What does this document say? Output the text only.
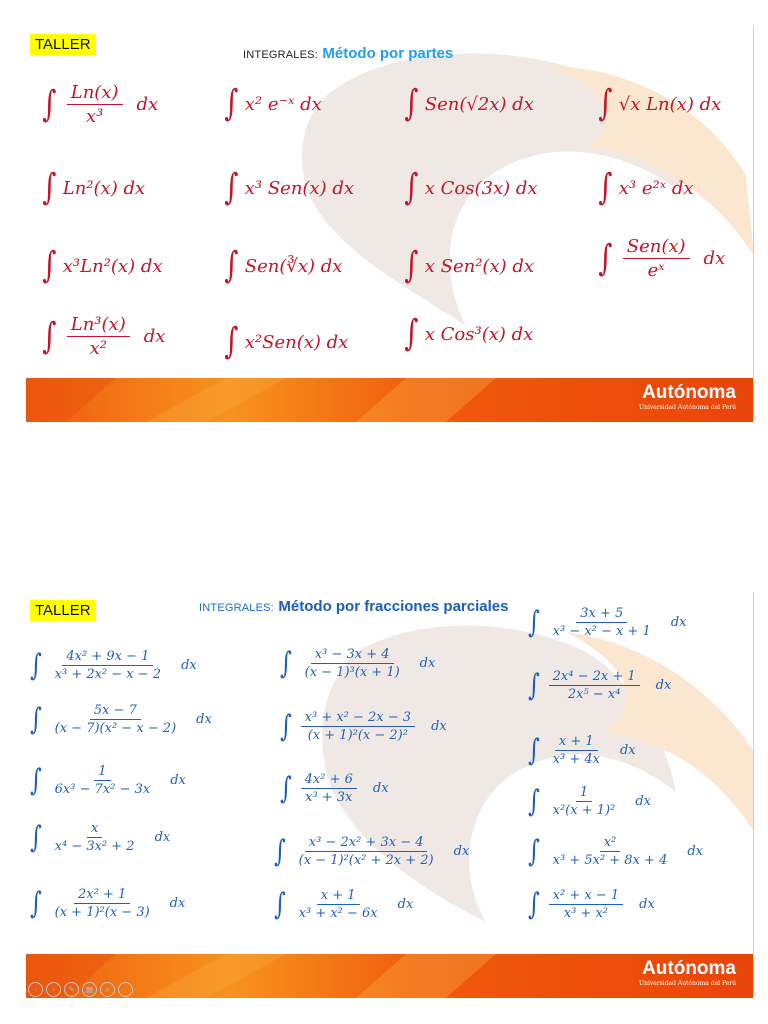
TALLER
INTEGRALES: Método por partes
∫ $\frac{Ln(x)}{\text{x³}}$ dx ∫ x² e⁻ˣ dx ∫ Sen(√2x) dx ∫ √x Ln(x) dx
∫ Ln²(x) dx ∫ x³ Sen(x) dx ∫ x Cos(3x) dx ∫ x³ e²ˣ dx
∫ x³Ln²(x) dx ∫ Sen(∛x) dx ∫ x Sen²(x) dx ∫ $\frac{\text{Sen(x)}}{\text{eˣ}}$ dx
∫ $\frac{\text{Ln³(x)}}{\text{x²}}$ dx ∫ x²Sen(x) dx ∫ x Cos³(x) dx
Autónoma
Universidad Autónoma del Perú
TALLER	INTEGRALES: Método por fracciones parciales
∫ $\frac{\text{4x² + 9x − 1}}{\text{x³ + 2x² − x − 2}}$ dx
∫ $\frac{5x - 7}{\text{(x − 7)(x² − x − 2)}}$ dx
∫ $\frac{1}{\text{6x³ − 7x² − 3x}}$ dx
∫ $\frac{x}{\text{x⁴ − 3x² + 2}}$ dx
∫ $\frac{\text{2x² + 1}}{\text{(x + 1)²(x − 3)}}$ dx
∫ $\frac{\text{x³ − 3x + 4}}{\text{(x − 1)³(x + 1)}}$ dx
∫ $\frac{\text{x³ + x² − 2x − 3}}{\text{(x + 1)²(x − 2)²}}$ dx
∫ $\frac{\text{4x² + 6}}{\text{x³ + 3x}}$ dx
∫ $\frac{\text{x³ − 2x² + 3x − 4}}{\text{(x − 1)²(x² + 2x + 2)}}$ dx
∫ $\frac{x + 1}{\text{x³ + x² − 6x}}$ dx
∫ $\frac{3x + 5}{\text{x³ − x² − x + 1}}$ dx
∫ $\frac{\text{2x⁴ − 2x + 1}}{\text{2x⁵ − x⁴}}$ dx
∫ $\frac{x + 1}{\text{x³ + 4x}}$ dx
∫ $\frac{1}{\text{x²(x + 1)²}}$ dx
∫ $\frac{\text{x²}}{\text{x³ + 5x² + 8x + 4}}$ dx
∫ $\frac{\text{x² + x − 1}}{\text{x³ + x²}}$ dx
Autónoma
Universidad Autónoma del Perú
‹	›	✎	▦	⌕	⋯
